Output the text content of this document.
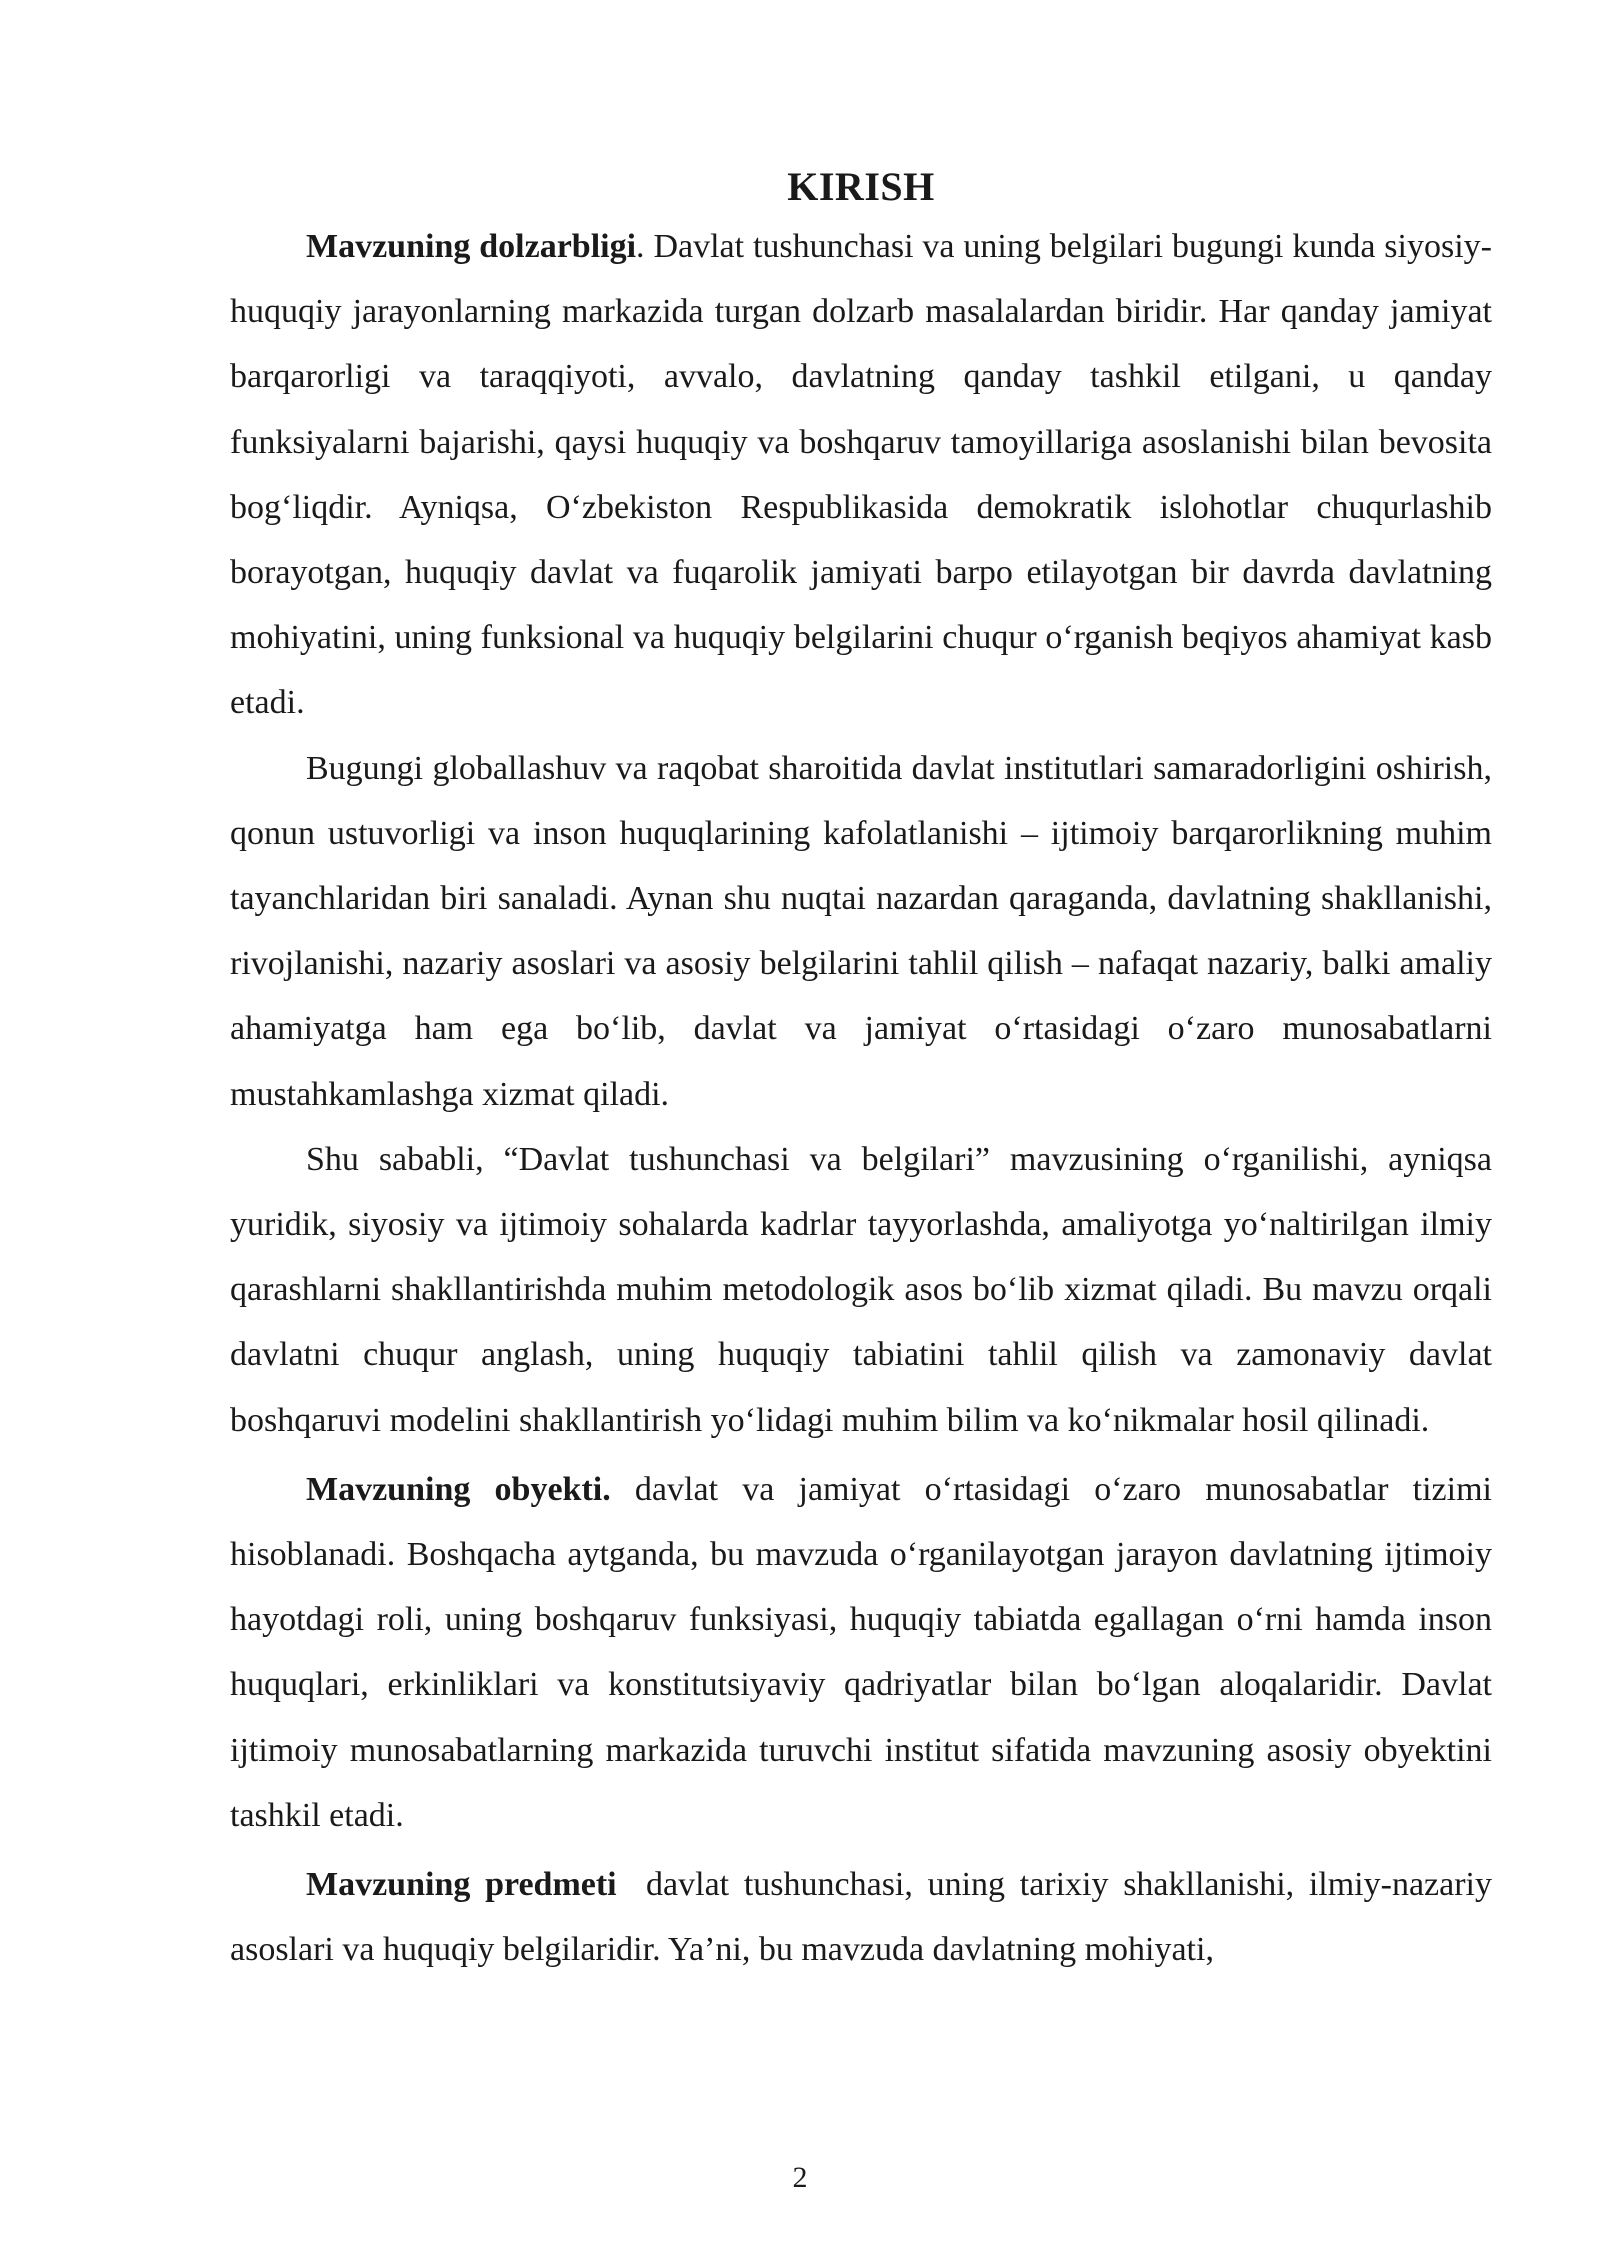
KIRISH

Mavzuning dolzarbligi. Davlat tushunchasi va uning belgilari bugungi kunda siyosiy-huquqiy jarayonlarning markazida turgan dolzarb masalalardan biridir. Har qanday jamiyat barqarorligi va taraqqiyoti, avvalo, davlatning qanday tashkil etilgani, u qanday funksiyalarni bajarishi, qaysi huquqiy va boshqaruv tamoyillariga asoslanishi bilan bevosita bog‘liqdir. Ayniqsa, O‘zbekiston Respublikasida demokratik islohotlar chuqurlashib borayotgan, huquqiy davlat va fuqarolik jamiyati barpo etilayotgan bir davrda davlatning mohiyatini, uning funksional va huquqiy belgilarini chuqur o‘rganish beqiyos ahamiyat kasb etadi.

Bugungi globallashuv va raqobat sharoitida davlat institutlari samaradorligini oshirish, qonun ustuvorligi va inson huquqlarining kafolatlanishi – ijtimoiy barqarorlikning muhim tayanchlaridan biri sanaladi. Aynan shu nuqtai nazardan qaraganda, davlatning shakllanishi, rivojlanishi, nazariy asoslari va asosiy belgilarini tahlil qilish – nafaqat nazariy, balki amaliy ahamiyatga ham ega bo‘lib, davlat va jamiyat o‘rtasidagi o‘zaro munosabatlarni mustahkamlashga xizmat qiladi.

Shu sababli, “Davlat tushunchasi va belgilari” mavzusining o‘rganilishi, ayniqsa yuridik, siyosiy va ijtimoiy sohalarda kadrlar tayyorlashda, amaliyotga yo‘naltirilgan ilmiy qarashlarni shakllantirishda muhim metodologik asos bo‘lib xizmat qiladi. Bu mavzu orqali davlatni chuqur anglash, uning huquqiy tabiatini tahlil qilish va zamonaviy davlat boshqaruvi modelini shakllantirish yo‘lidagi muhim bilim va ko‘nikmalar hosil qilinadi.

Mavzuning obyekti. davlat va jamiyat o‘rtasidagi o‘zaro munosabatlar tizimi hisoblanadi. Boshqacha aytganda, bu mavzuda o‘rganilayotgan jarayon davlatning ijtimoiy hayotdagi roli, uning boshqaruv funksiyasi, huquqiy tabiatda egallagan o‘rni hamda inson huquqlari, erkinliklari va konstitutsiyaviy qadriyatlar bilan bo‘lgan aloqalaridir. Davlat ijtimoiy munosabatlarning markazida turuvchi institut sifatida mavzuning asosiy obyektini tashkil etadi.

Mavzuning predmeti  davlat tushunchasi, uning tarixiy shakllanishi, ilmiy-nazariy asoslari va huquqiy belgilaridir. Ya’ni, bu mavzuda davlatning mohiyati,

2
